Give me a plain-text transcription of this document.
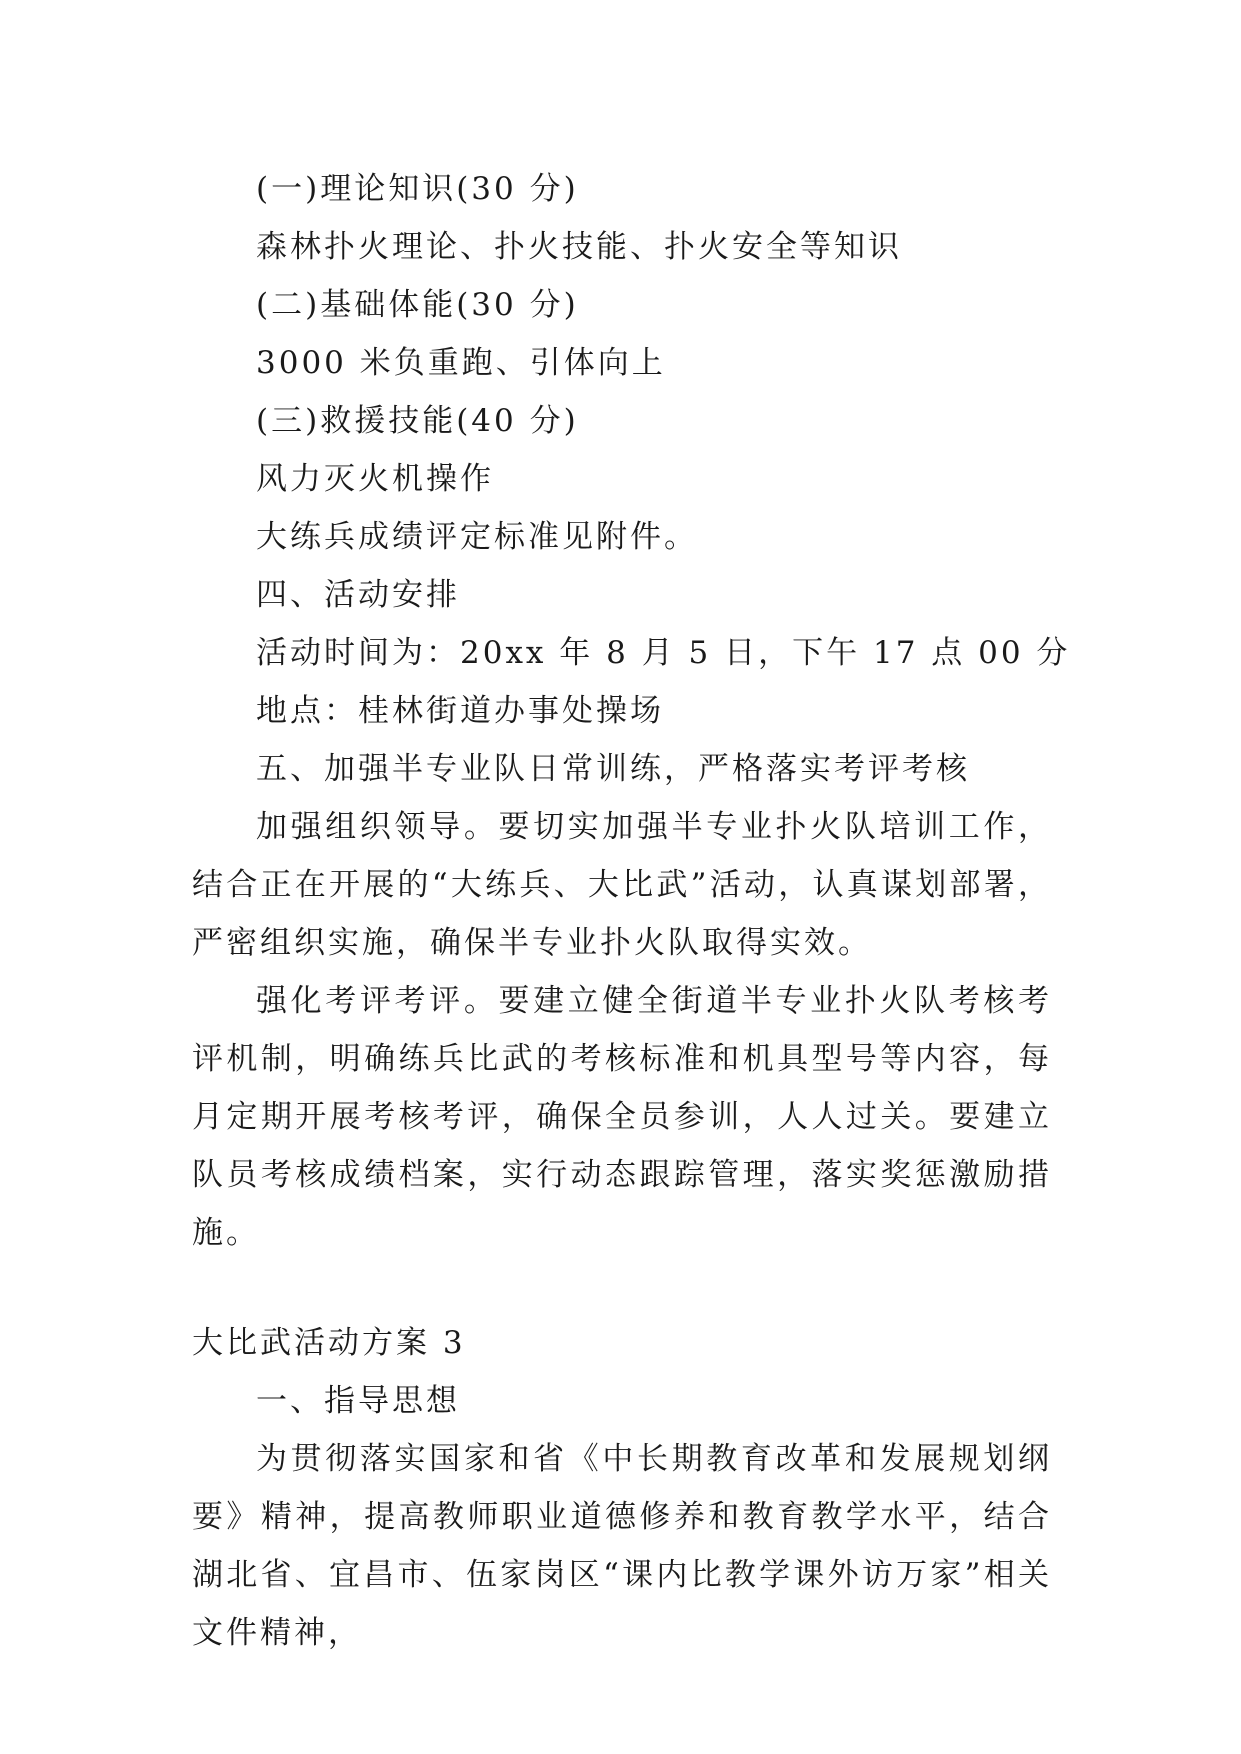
(一)理论知识(30 分)
森林扑火理论、扑火技能、扑火安全等知识
(二)基础体能(30 分)
3000 米负重跑、引体向上
(三)救援技能(40 分)
风力灭火机操作
大练兵成绩评定标准见附件。
四、活动安排
活动时间为：20xx 年 8 月 5 日，下午 17 点 00 分
地点：桂林街道办事处操场
五、加强半专业队日常训练，严格落实考评考核

加强组织领导。要切实加强半专业扑火队培训工作，结合正在开展的“大练兵、大比武”活动，认真谋划部署，严密组织实施，确保半专业扑火队取得实效。

强化考评考评。要建立健全街道半专业扑火队考核考评机制，明确练兵比武的考核标准和机具型号等内容，每月定期开展考核考评，确保全员参训，人人过关。要建立队员考核成绩档案，实行动态跟踪管理，落实奖惩激励措施。

大比武活动方案 3
一、指导思想

为贯彻落实国家和省《中长期教育改革和发展规划纲要》精神，提高教师职业道德修养和教育教学水平，结合湖北省、宜昌市、伍家岗区“课内比教学课外访万家”相关文件精神，
